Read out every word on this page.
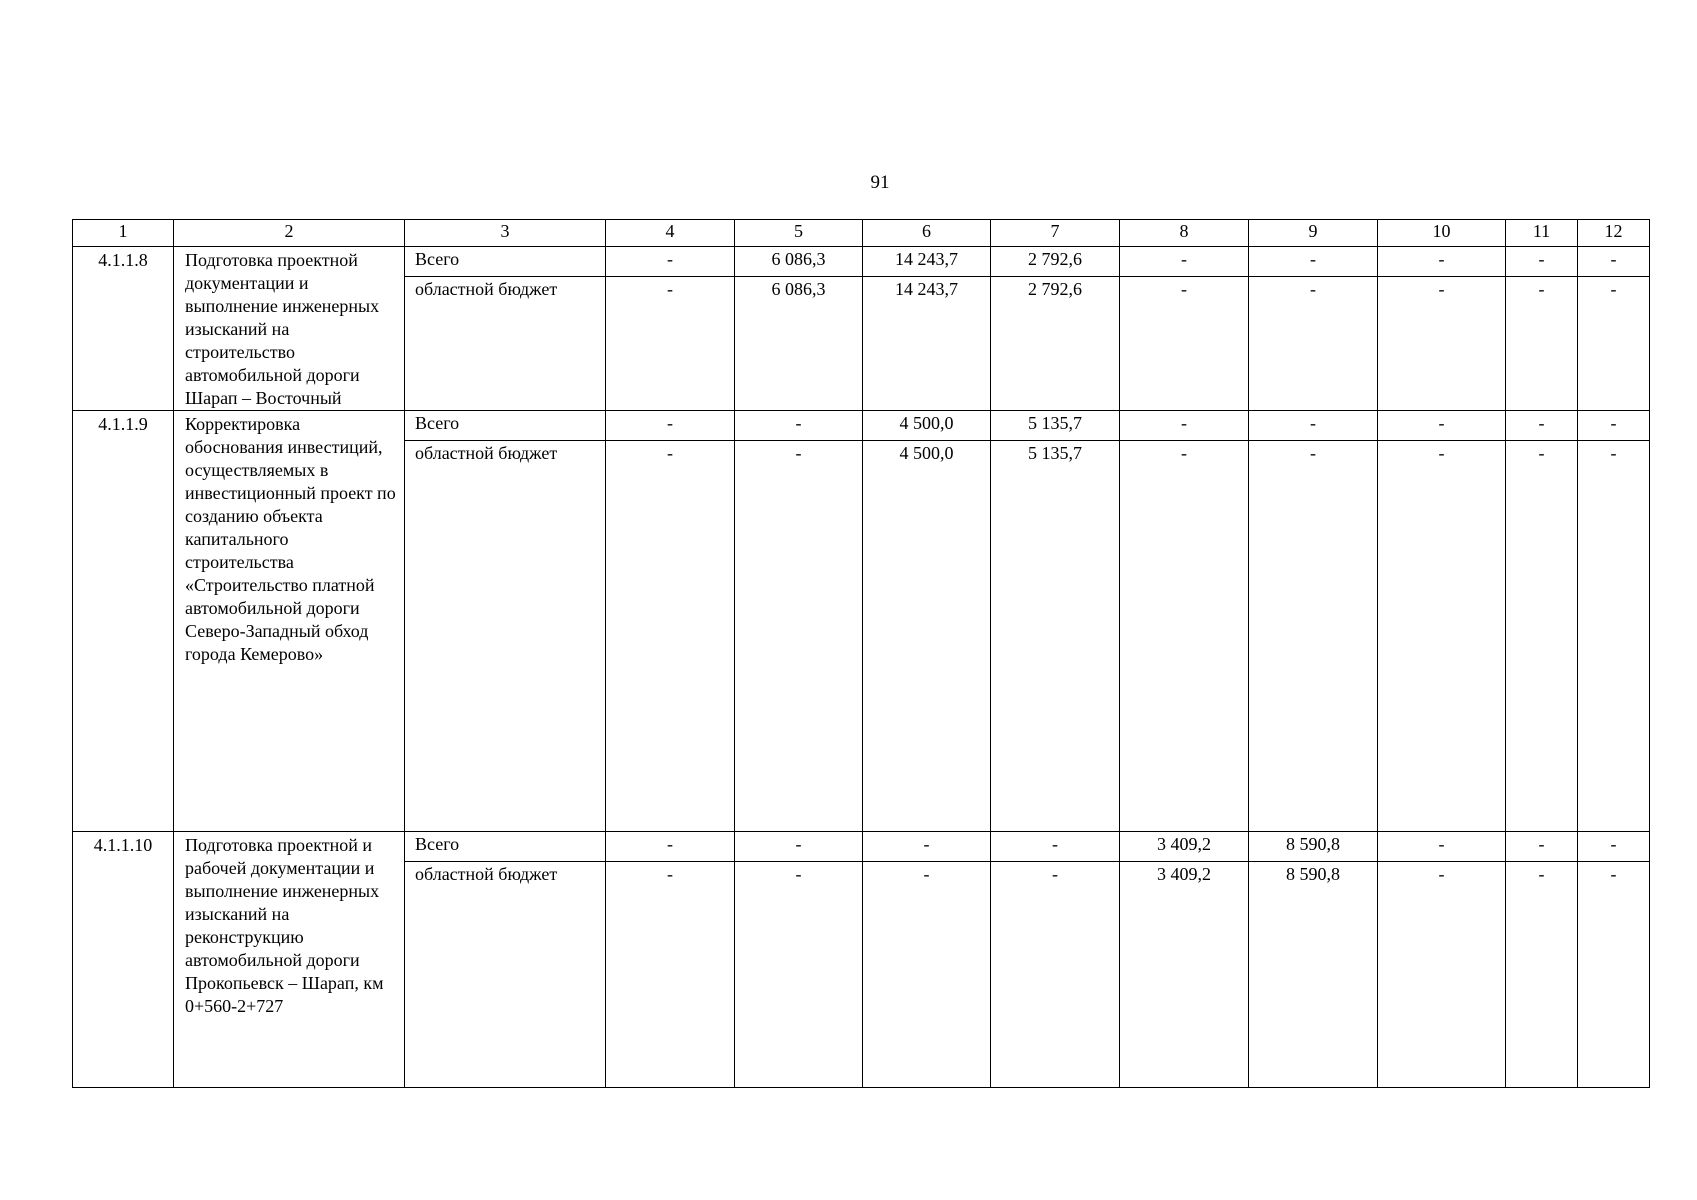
91
1	2	3	4	5	6	7	8	9	10	11	12
4.1.1.8	Подготовка проектной документации и выполнение инженерных изысканий на строительство автомобильной дороги Шарап – Восточный	Всего	-	6 086,3	14 243,7	2 792,6	-	-	-	-	-
		областной бюджет	-	6 086,3	14 243,7	2 792,6	-	-	-	-	-
4.1.1.9	Корректировка обоснования инвестиций, осуществляемых в инвестиционный проект по созданию объекта капитального строительства «Строительство платной автомобильной дороги Северо-Западный обход города Кемерово»	Всего	-	-	4 500,0	5 135,7	-	-	-	-	-
		областной бюджет	-	-	4 500,0	5 135,7	-	-	-	-	-
4.1.1.10	Подготовка проектной и рабочей документации и выполнение инженерных изысканий на реконструкцию автомобильной дороги Прокопьевск – Шарап, км 0+560-2+727	Всего	-	-	-	-	3 409,2	8 590,8	-	-	-
		областной бюджет	-	-	-	-	3 409,2	8 590,8	-	-	-
